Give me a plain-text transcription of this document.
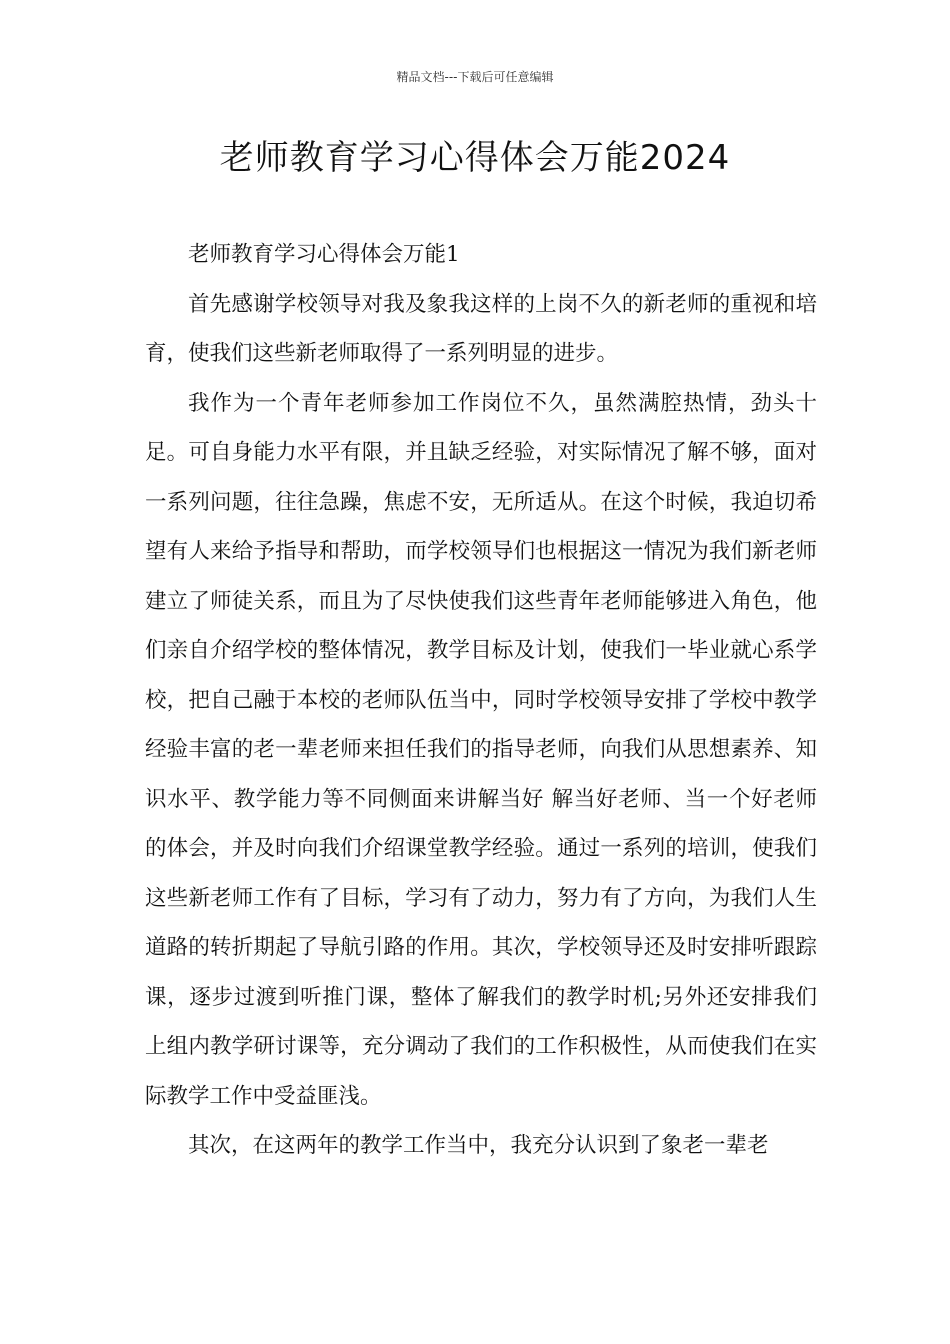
精品文档---下载后可任意编辑
老师教育学习心得体会万能2024

老师教育学习心得体会万能1

首先感谢学校领导对我及象我这样的上岗不久的新老师的重视和培育，使我们这些新老师取得了一系列明显的进步。

我作为一个青年老师参加工作岗位不久，虽然满腔热情，劲头十足。可自身能力水平有限，并且缺乏经验，对实际情况了解不够，面对一系列问题，往往急躁，焦虑不安，无所适从。在这个时候，我迫切希望有人来给予指导和帮助，而学校领导们也根据这一情况为我们新老师建立了师徒关系，而且为了尽快使我们这些青年老师能够进入角色，他们亲自介绍学校的整体情况，教学目标及计划，使我们一毕业就心系学校，把自己融于本校的老师队伍当中，同时学校领导安排了学校中教学经验丰富的老一辈老师来担任我们的指导老师，向我们从思想素养、知识水平、教学能力等不同侧面来讲解当好 解当好老师、当一个好老师的体会，并及时向我们介绍课堂教学经验。通过一系列的培训，使我们这些新老师工作有了目标，学习有了动力，努力有了方向，为我们人生道路的转折期起了导航引路的作用。其次，学校领导还及时安排听跟踪课，逐步过渡到听推门课，整体了解我们的教学时机;另外还安排我们上组内教学研讨课等，充分调动了我们的工作积极性，从而使我们在实际教学工作中受益匪浅。

其次，在这两年的教学工作当中，我充分认识到了象老一辈老
